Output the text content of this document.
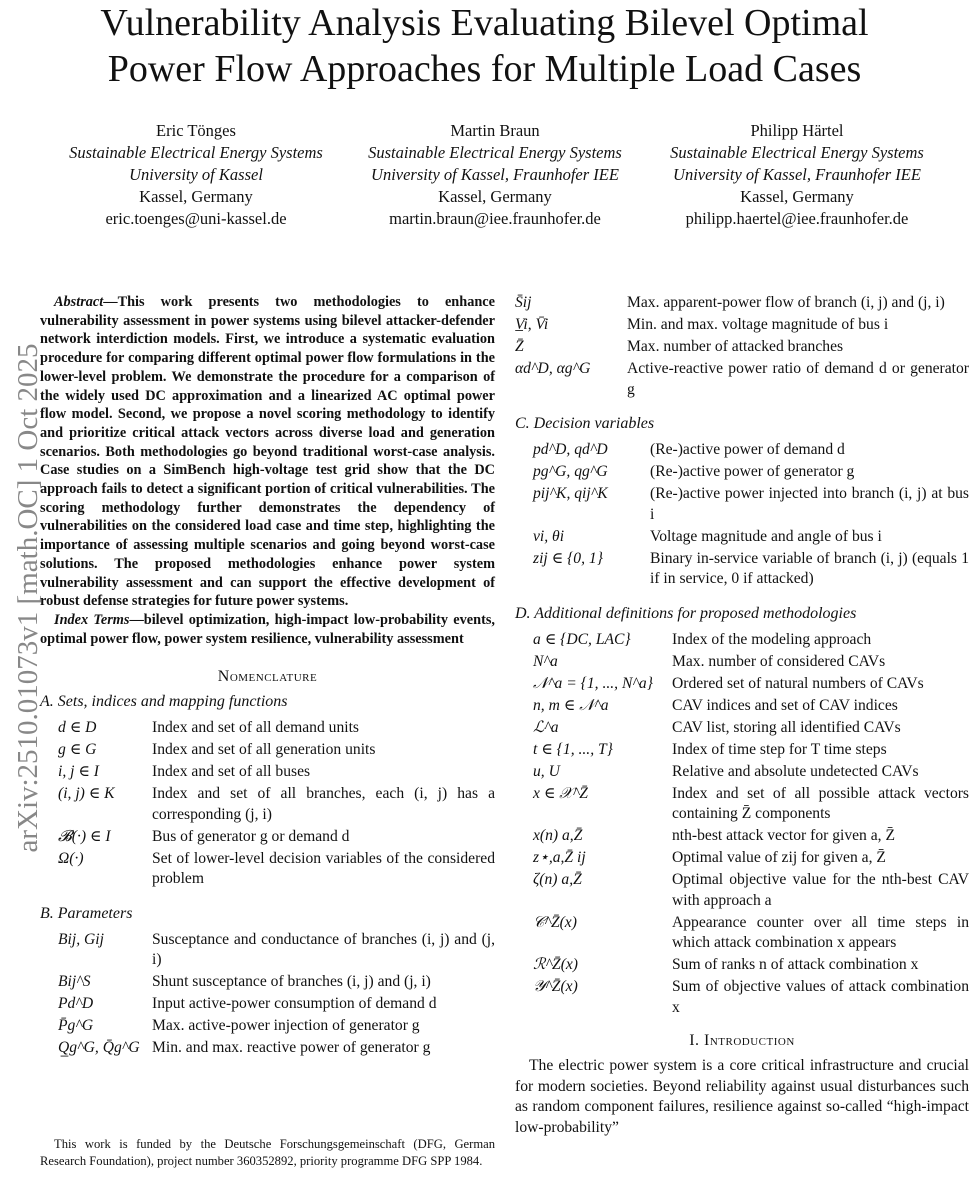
arXiv:2510.01073v1 [math.OC] 1 Oct 2025
Vulnerability Analysis Evaluating Bilevel Optimal
Power Flow Approaches for Multiple Load Cases
Eric Tönges
Sustainable Electrical Energy Systems
University of Kassel
Kassel, Germany
eric.toenges@uni-kassel.de
Martin Braun
Sustainable Electrical Energy Systems
University of Kassel, Fraunhofer IEE
Kassel, Germany
martin.braun@iee.fraunhofer.de
Philipp Härtel
Sustainable Electrical Energy Systems
University of Kassel, Fraunhofer IEE
Kassel, Germany
philipp.haertel@iee.fraunhofer.de

Abstract—This work presents two methodologies to enhance vulnerability assessment in power systems using bilevel attacker-defender network interdiction models. First, we introduce a systematic evaluation procedure for comparing different optimal power flow formulations in the lower-level problem. We demonstrate the procedure for a comparison of the widely used DC approximation and a linearized AC optimal power flow model. Second, we propose a novel scoring methodology to identify and prioritize critical attack vectors across diverse load and generation scenarios. Both methodologies go beyond traditional worst-case analysis. Case studies on a SimBench high-voltage test grid show that the DC approach fails to detect a significant portion of critical vulnerabilities. The scoring methodology further demonstrates the dependency of vulnerabilities on the considered load case and time step, highlighting the importance of assessing multiple scenarios and going beyond worst-case solutions. The proposed methodologies enhance power system vulnerability assessment and can support the effective development of robust defense strategies for future power systems.

Index Terms—bilevel optimization, high-impact low-probability events, optimal power flow, power system resilience, vulnerability assessment

Nomenclature
A. Sets, indices and mapping functions
d ∈ D	Index and set of all demand units
g ∈ G	Index and set of all generation units
i, j ∈ I	Index and set of all buses
(i, j) ∈ K	Index and set of all branches, each (i, j) has a corresponding (j, i)
𝓑(·) ∈ I	Bus of generator g or demand d
Ω(·)	Set of lower-level decision variables of the considered problem
B. Parameters
Bij, Gij	Susceptance and conductance of branches (i, j) and (j, i)
Bij^S	Shunt susceptance of branches (i, j) and (j, i)
Pd^D	Input active-power consumption of demand d
P̄g^G	Max. active-power injection of generator g
Q̲g^G, Q̄g^G Min. and max. reactive power of generator g
This work is funded by the Deutsche Forschungsgemeinschaft (DFG, German Research Foundation), project number 360352892, priority programme DFG SPP 1984.
S̄ij	Max. apparent-power flow of branch (i, j) and (j, i)
V̲i, V̄i	Min. and max. voltage magnitude of bus i
Z̄	Max. number of attacked branches
αd^D, αg^G	Active-reactive power ratio of demand d or generator g
C. Decision variables
pd^D, qd^D	(Re-)active power of demand d
pg^G, qg^G	(Re-)active power of generator g
pij^K, qij^K	(Re-)active power injected into branch (i, j) at bus i
vi, θi	Voltage magnitude and angle of bus i
zij ∈ {0, 1}	Binary in-service variable of branch (i, j) (equals 1 if in service, 0 if attacked)
D. Additional definitions for proposed methodologies
a ∈ {DC, LAC}	Index of the modeling approach
N^a	Max. number of considered CAVs
𝒩^a = {1, ..., N^a}	Ordered set of natural numbers of CAVs
n, m ∈ 𝒩^a	CAV indices and set of CAV indices
ℒ^a	CAV list, storing all identified CAVs
t ∈ {1, ..., T}	Index of time step for T time steps
u, U	Relative and absolute undetected CAVs
x ∈ 𝒳^Z̄	Index and set of all possible attack vectors containing Z̄ components
x(n) a,Z̄	nth-best attack vector for given a, Z̄
z⋆,a,Z̄ ij	Optimal value of zij for given a, Z̄
ζ(n) a,Z̄	Optimal objective value for the nth-best CAV with approach a
𝒞^Z̄(x)	Appearance counter over all time steps in which attack combination x appears
ℛ^Z̄(x)	Sum of ranks n of attack combination x
𝒴^Z̄(x)	Sum of objective values of attack combination x
I. Introduction

The electric power system is a core critical infrastructure and crucial for modern societies. Beyond reliability against usual disturbances such as random component failures, resilience against so-called “high-impact low-probability”
